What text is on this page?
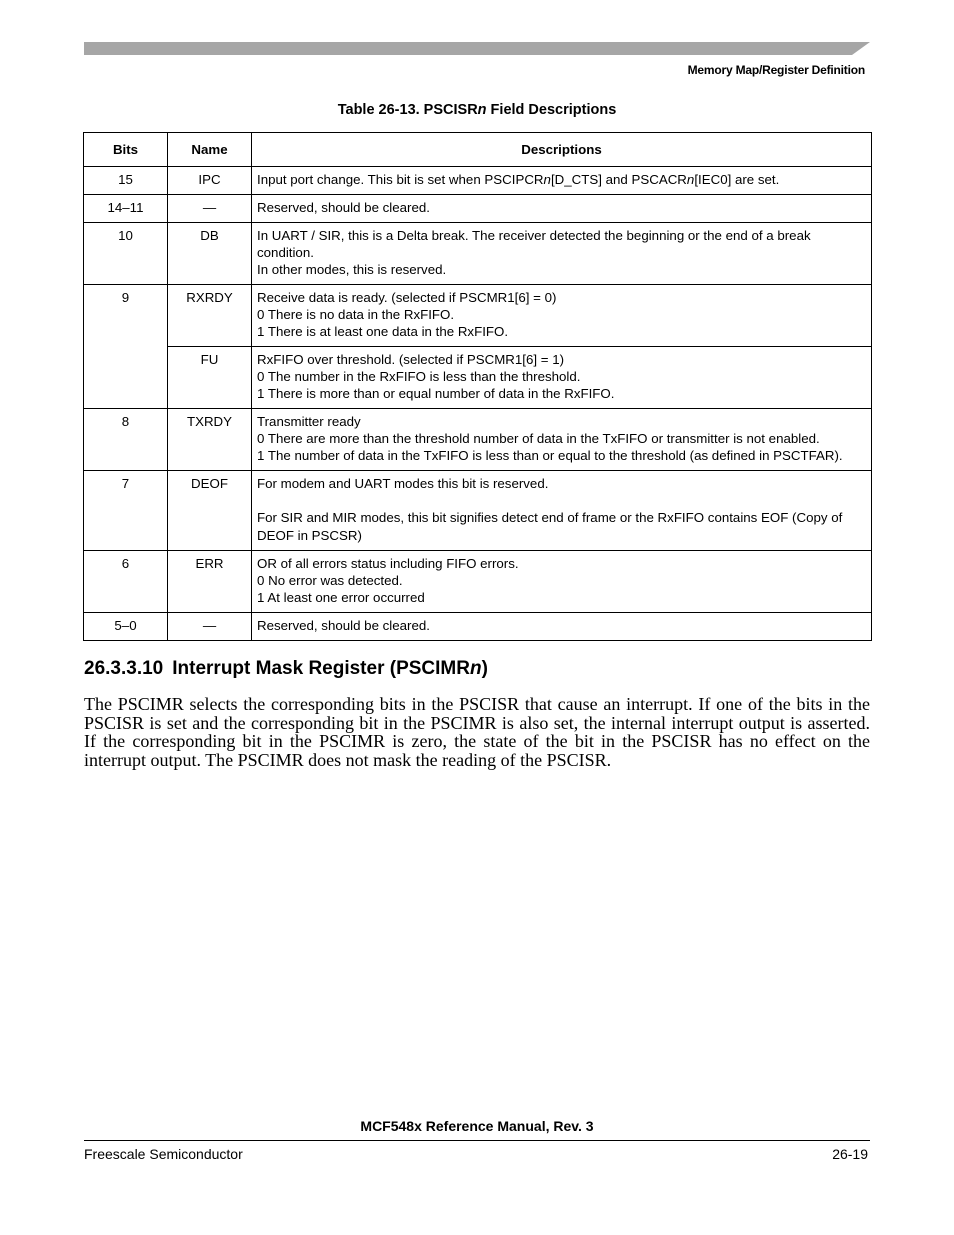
Memory Map/Register Definition
Table 26-13. PSCISRn Field Descriptions
Bits	Name	Descriptions
15	IPC	Input port change. This bit is set when PSCIPCRn[D_CTS] and PSCACRn[IEC0] are set.

14–11	—	Reserved, should be cleared.

10	DB	In UART / SIR, this is a Delta break. The receiver detected the beginning or the end of a break condition.
In other modes, this is reserved.

9	RXRDY	Receive data is ready. (selected if PSCMR1[6] = 0)
0 There is no data in the RxFIFO.
1 There is at least one data in the RxFIFO.

	FU	RxFIFO over threshold. (selected if PSCMR1[6] = 1)
0 The number in the RxFIFO is less than the threshold.
1 There is more than or equal number of data in the RxFIFO.

8	TXRDY	Transmitter ready
0 There are more than the threshold number of data in the TxFIFO or transmitter is not enabled.
1 The number of data in the TxFIFO is less than or equal to the threshold (as defined in PSCTFAR).

7	DEOF	For modem and UART modes this bit is reserved.
For SIR and MIR modes, this bit signifies detect end of frame or the RxFIFO contains EOF (Copy of DEOF in PSCSR)

6	ERR	OR of all errors status including FIFO errors.
0 No error was detected.
1 At least one error occurred

5–0	—	Reserved, should be cleared.
26.3.3.10 Interrupt Mask Register (PSCIMRn)
The PSCIMR selects the corresponding bits in the PSCISR that cause an interrupt. If one of the bits in the PSCISR is set and the corresponding bit in the PSCIMR is also set, the internal interrupt output is asserted. If the corresponding bit in the PSCIMR is zero, the state of the bit in the PSCISR has no effect on the interrupt output. The PSCIMR does not mask the reading of the PSCISR.
MCF548x Reference Manual, Rev. 3
Freescale Semiconductor	26-19
